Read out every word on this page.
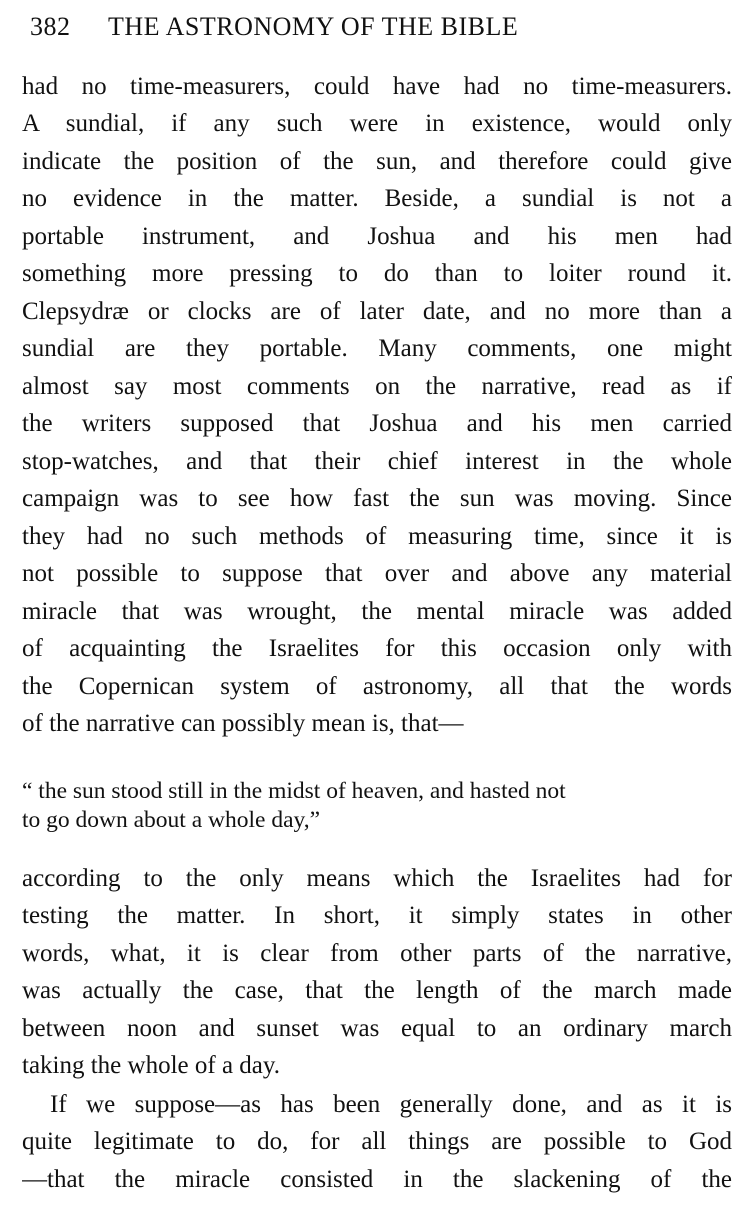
382 THE ASTRONOMY OF THE BIBLE
had no time-measurers, could have had no time-measurers.
A sundial, if any such were in existence, would only
indicate the position of the sun, and therefore could give
no evidence in the matter. Beside, a sundial is not a
portable instrument, and Joshua and his men had
something more pressing to do than to loiter round it.
Clepsydræ or clocks are of later date, and no more than a
sundial are they portable. Many comments, one might
almost say most comments on the narrative, read as if
the writers supposed that Joshua and his men carried
stop-watches, and that their chief interest in the whole
campaign was to see how fast the sun was moving. Since
they had no such methods of measuring time, since it is
not possible to suppose that over and above any material
miracle that was wrought, the mental miracle was added
of acquainting the Israelites for this occasion only with
the Copernican system of astronomy, all that the words
of the narrative can possibly mean is, that—
“ the sun stood still in the midst of heaven, and hasted not
to go down about a whole day,”
according to the only means which the Israelites had for
testing the matter. In short, it simply states in other
words, what, it is clear from other parts of the narrative,
was actually the case, that the length of the march made
between noon and sunset was equal to an ordinary march
taking the whole of a day.
If we suppose—as has been generally done, and as it is
quite legitimate to do, for all things are possible to God
—that the miracle consisted in the slackening of the
